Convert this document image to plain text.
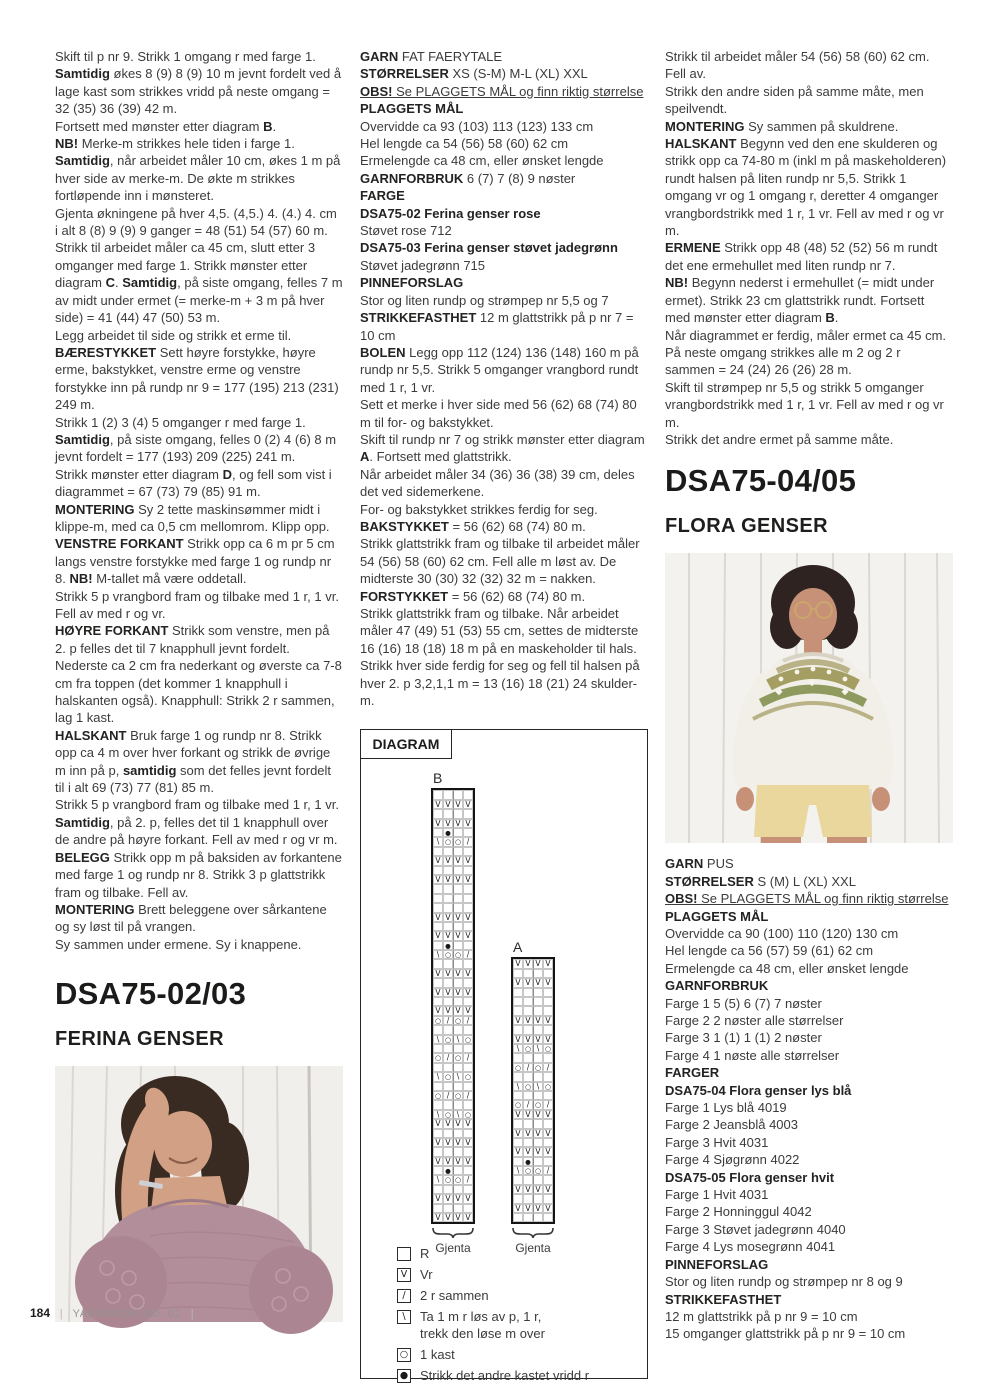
Skift til p nr 9. Strikk 1 omgang r med farge 1.

Samtidig økes 8 (9) 8 (9) 10 m jevnt fordelt ved å lage kast som strikkes vridd på neste omgang = 32 (35) 36 (39) 42 m.

Fortsett med mønster etter diagram B.

NB! Merke-m strikkes hele tiden i farge 1.

Samtidig, når arbeidet måler 10 cm, økes 1 m på hver side av merke-m. De økte m strikkes fortløpende inn i mønsteret.

Gjenta økningene på hver 4,5. (4,5.) 4. (4.) 4. cm i alt 8 (8) 9 (9) 9 ganger = 48 (51) 54 (57) 60 m.

Strikk til arbeidet måler ca 45 cm, slutt etter 3 omganger med farge 1. Strikk mønster etter diagram C. Samtidig, på siste omgang, felles 7 m av midt under ermet (= merke-m + 3 m på hver side) = 41 (44) 47 (50) 53 m.

Legg arbeidet til side og strikk et erme til.

BÆRESTYKKET Sett høyre forstykke, høyre erme, bakstykket, venstre erme og venstre forstykke inn på rundp nr 9 = 177 (195) 213 (231) 249 m.

Strikk 1 (2) 3 (4) 5 omganger r med farge 1.

Samtidig, på siste omgang, felles 0 (2) 4 (6) 8 m jevnt fordelt = 177 (193) 209 (225) 241 m.

Strikk mønster etter diagram D, og fell som vist i diagrammet = 67 (73) 79 (85) 91 m.

MONTERING Sy 2 tette maskinsømmer midt i klippe-m, med ca 0,5 cm mellomrom. Klipp opp.

VENSTRE FORKANT Strikk opp ca 6 m pr 5 cm langs venstre forstykke med farge 1 og rundp nr 8. NB! M-tallet må være oddetall.

Strikk 5 p vrangbord fram og tilbake med 1 r, 1 vr. Fell av med r og vr.

HØYRE FORKANT Strikk som venstre, men på 2. p felles det til 7 knapphull jevnt fordelt. Nederste ca 2 cm fra nederkant og øverste ca 7-8 cm fra toppen (det kommer 1 knapphull i halskanten også). Knapphull: Strikk 2 r sammen, lag 1 kast.

HALSKANT Bruk farge 1 og rundp nr 8. Strikk opp ca 4 m over hver forkant og strikk de øvrige m inn på p, samtidig som det felles jevnt fordelt til i alt 69 (73) 77 (81) 85 m.

Strikk 5 p vrangbord fram og tilbake med 1 r, 1 vr. Samtidig, på 2. p, felles det til 1 knapphull over de andre på høyre forkant. Fell av med r og vr m.

BELEGG Strikk opp m på baksiden av forkantene med farge 1 og rundp nr 8. Strikk 3 p glattstrikk fram og tilbake. Fell av.

MONTERING Brett beleggene over sårkantene og sy løst til på vrangen.

Sy sammen under ermene. Sy i knappene.

DSA75-02/03
FERINA GENSER

GARN FAT FAERYTALE

STØRRELSER XS (S-M) M-L (XL) XXL

OBS! Se PLAGGETS MÅL og finn riktig størrelse

PLAGGETS MÅL

Overvidde ca 93 (103) 113 (123) 133 cm

Hel lengde ca 54 (56) 58 (60) 62 cm

Ermelengde ca 48 cm, eller ønsket lengde

GARNFORBRUK 6 (7) 7 (8) 9 nøster

FARGE

DSA75-02 Ferina genser rose

Støvet rose 712

DSA75-03 Ferina genser støvet jadegrønn

Støvet jadegrønn 715

PINNEFORSLAG

Stor og liten rundp og strømpep nr 5,5 og 7

STRIKKEFASTHET 12 m glattstrikk på p nr 7 = 10 cm

BOLEN Legg opp 112 (124) 136 (148) 160 m på rundp nr 5,5. Strikk 5 omganger vrangbord rundt med 1 r, 1 vr.

Sett et merke i hver side med 56 (62) 68 (74) 80 m til for- og bakstykket.

Skift til rundp nr 7 og strikk mønster etter diagram A. Fortsett med glattstrikk.

Når arbeidet måler 34 (36) 36 (38) 39 cm, deles det ved sidemerkene.

For- og bakstykket strikkes ferdig for seg.

BAKSTYKKET = 56 (62) 68 (74) 80 m.

Strikk glattstrikk fram og tilbake til arbeidet måler 54 (56) 58 (60) 62 cm. Fell alle m løst av. De midterste 30 (30) 32 (32) 32 m = nakken.

FORSTYKKET = 56 (62) 68 (74) 80 m.

Strikk glattstrikk fram og tilbake. Når arbeidet måler 47 (49) 51 (53) 55 cm, settes de midterste 16 (16) 18 (18) 18 m på en maskeholder til hals. Strikk hver side ferdig for seg og fell til halsen på hver 2. p 3,2,1,1 m = 13 (16) 18 (21) 24 skulder-m.

DIAGRAM
B
V V V V
V V V V
●
\ ○ ○ /
V V V V
V V V V
V V V V
V V V V
●
\ ○ ○ /
V V V V
V V V V
V V V V
○ / ○ /
\ ○ \ ○
○ / ○ /
\ ○ \ ○
○ / ○ /
\ ○ \ ○
V V V V
V V V V
V V V V
●
\ ○ ○ /
V V V V
V V V V
Gjenta
A
V V V V
V V V V
V V V V
V V V V
\ ○ \ ○
○ / ○ /
\ ○ \ ○
○ / ○ /
V V V V
V V V V
V V V V
●
\ ○ ○ /
V V V V
V V V V
Gjenta
R
V Vr
/	2 r sammen
\	Ta 1 m r løs av p, 1 r,
trekk den løse m over
○ 1 kast
● Strikk det andre kastet vridd r

Strikk til arbeidet måler 54 (56) 58 (60) 62 cm. Fell av.

Strikk den andre siden på samme måte, men speilvendt.

MONTERING Sy sammen på skuldrene.

HALSKANT Begynn ved den ene skulderen og strikk opp ca 74-80 m (inkl m på maskeholderen) rundt halsen på liten rundp nr 5,5. Strikk 1 omgang vr og 1 omgang r, deretter 4 omganger vrangbordstrikk med 1 r, 1 vr. Fell av med r og vr m.

ERMENE Strikk opp 48 (48) 52 (52) 56 m rundt det ene ermehullet med liten rundp nr 7.

NB! Begynn nederst i ermehullet (= midt under ermet). Strikk 23 cm glattstrikk rundt. Fortsett med mønster etter diagram B.

Når diagrammet er ferdig, måler ermet ca 45 cm. På neste omgang strikkes alle m 2 og 2 r sammen = 24 (24) 26 (26) 28 m.

Skift til strømpep nr 5,5 og strikk 5 omganger vrangbordstrikk med 1 r, 1 vr. Fell av med r og vr m.

Strikk det andre ermet på samme måte.

DSA75-04/05
FLORA GENSER

GARN PUS

STØRRELSER S (M) L (XL) XXL

OBS! Se PLAGGETS MÅL og finn riktig størrelse

PLAGGETS MÅL

Overvidde ca 90 (100) 110 (120) 130 cm

Hel lengde ca 56 (57) 59 (61) 62 cm

Ermelengde ca 48 cm, eller ønsket lengde

GARNFORBRUK

Farge 1 5 (5) 6 (7) 7 nøster

Farge 2 2 nøster alle størrelser

Farge 3 1 (1) 1 (1) 2 nøster

Farge 4 1 nøste alle størrelser

FARGER

DSA75-04 Flora genser lys blå

Farge 1 Lys blå 4019

Farge 2 Jeansblå 4003

Farge 3 Hvit 4031

Farge 4 Sjøgrønn 4022

DSA75-05 Flora genser hvit

Farge 1 Hvit 4031

Farge 2 Honninggul 4042

Farge 3 Støvet jadegrønn 4040

Farge 4 Lys mosegrønn 4041

PINNEFORSLAG

Stor og liten rundp og strømpep nr 8 og 9

STRIKKEFASTHET

12 m glattstrikk på p nr 9 = 10 cm

15 omganger glattstrikk på p nr 9 = 10 cm

184 | YARNMADE NO. 01 |
